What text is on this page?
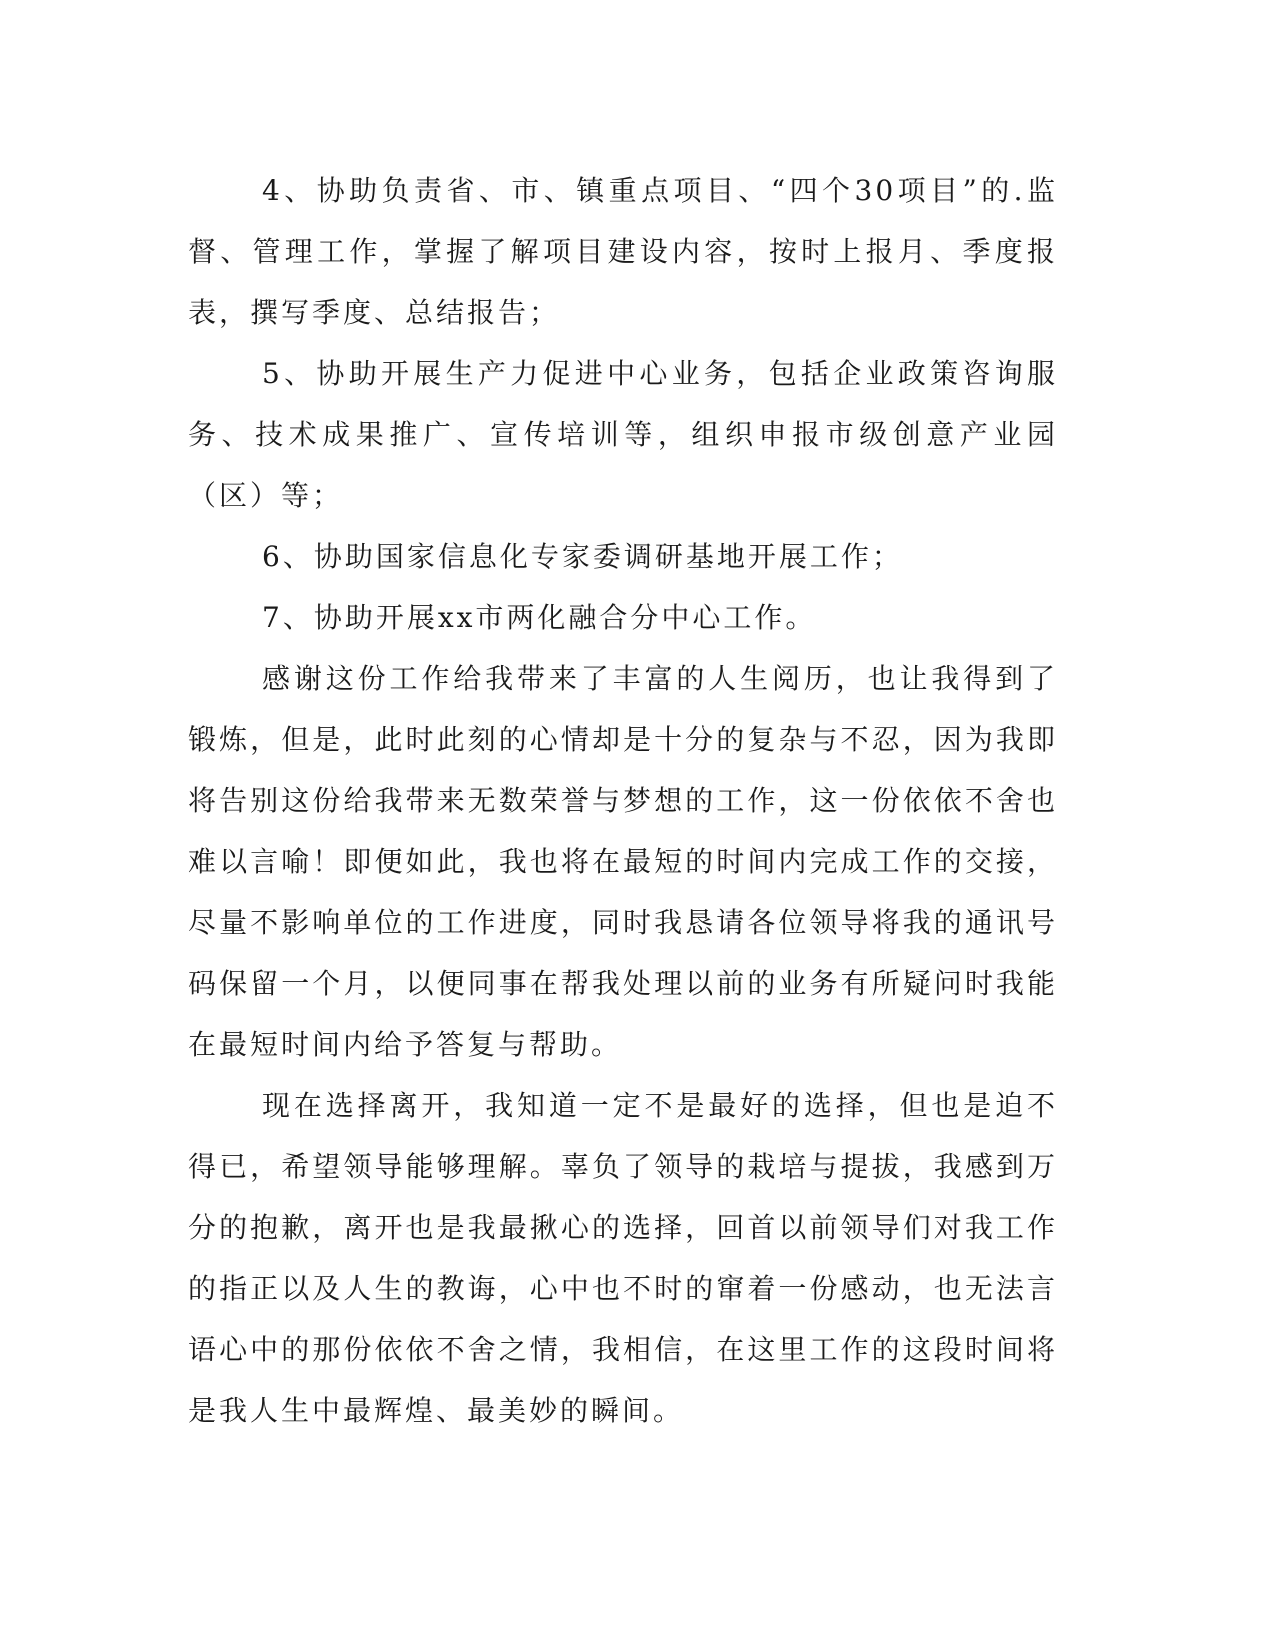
4、协助负责省、市、镇重点项目、“四个30项目”的.监督、管理工作，掌握了解项目建设内容，按时上报月、季度报表，撰写季度、总结报告；

5、协助开展生产力促进中心业务，包括企业政策咨询服务、技术成果推广、宣传培训等，组织申报市级创意产业园（区）等；

6、协助国家信息化专家委调研基地开展工作；

7、协助开展xx市两化融合分中心工作。

感谢这份工作给我带来了丰富的人生阅历，也让我得到了锻炼，但是，此时此刻的心情却是十分的复杂与不忍，因为我即将告别这份给我带来无数荣誉与梦想的工作，这一份依依不舍也难以言喻！即便如此，我也将在最短的时间内完成工作的交接，尽量不影响单位的工作进度，同时我恳请各位领导将我的通讯号码保留一个月，以便同事在帮我处理以前的业务有所疑问时我能在最短时间内给予答复与帮助。

现在选择离开，我知道一定不是最好的选择，但也是迫不得已，希望领导能够理解。辜负了领导的栽培与提拔，我感到万分的抱歉，离开也是我最揪心的选择，回首以前领导们对我工作的指正以及人生的教诲，心中也不时的窜着一份感动，也无法言语心中的那份依依不舍之情，我相信，在这里工作的这段时间将是我人生中最辉煌、最美妙的瞬间。
